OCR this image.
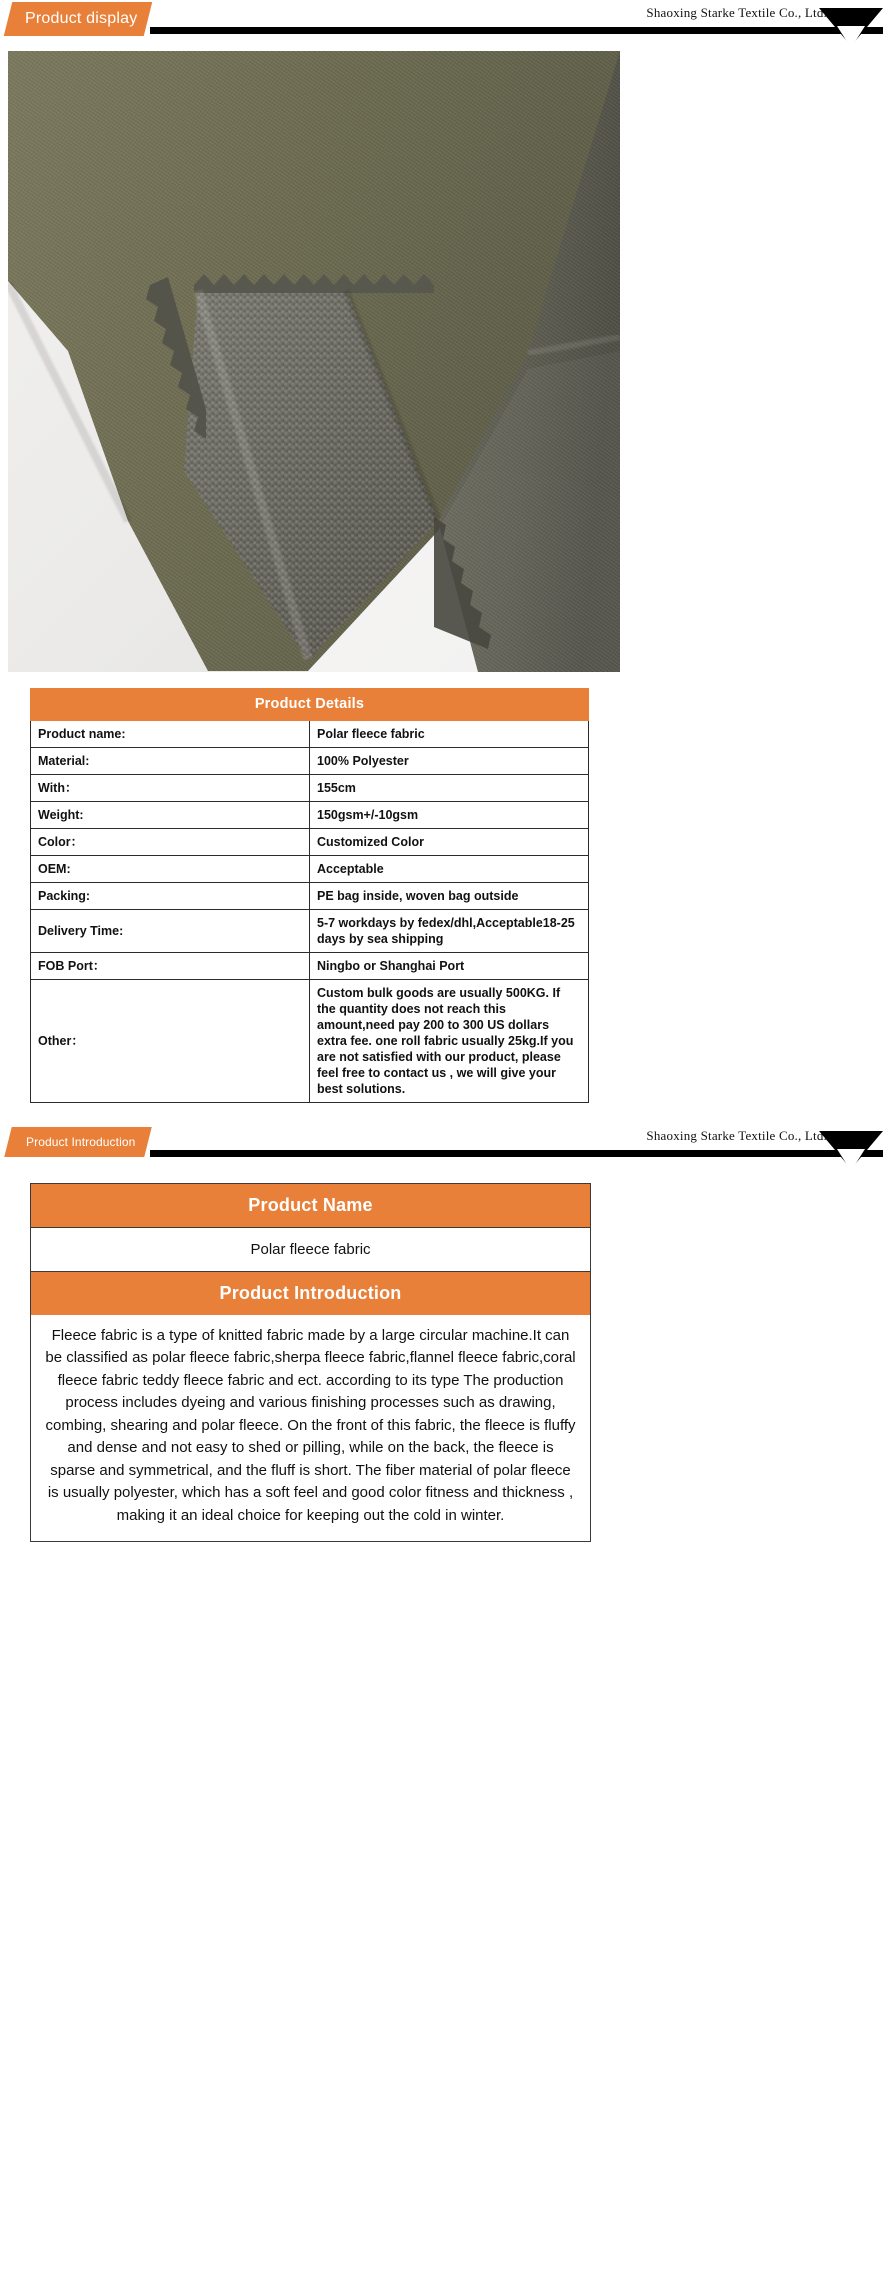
Product display	Shaoxing Starke Textile Co., Ltd.
Product Details	
Product name:	Polar fleece fabric
Material:	100% Polyester
With：	155cm
Weight:	150gsm+/-10gsm
Color：	Customized Color
OEM:	Acceptable
Packing:	PE bag inside, woven bag outside
Delivery Time:	5-7 workdays by fedex/dhl,Acceptable18-25 days by sea shipping
FOB Port：	Ningbo or Shanghai Port
Other：	Custom bulk goods are usually 500KG. If the quantity does not reach this amount,need pay 200 to 300 US dollars extra fee. one roll fabric usually 25kg.If you are not satisfied with our product, please feel free to contact us , we will give your best solutions.
Product Introduction	Shaoxing Starke Textile Co., Ltd.
Product Name
Polar fleece fabric
Product Introduction
Fleece fabric is a type of knitted fabric made by a large circular machine.It can be classified as polar fleece fabric,sherpa fleece fabric,flannel fleece fabric,coral fleece fabric teddy fleece fabric and ect. according to its type The production process includes dyeing and various finishing processes such as drawing, combing, shearing and polar fleece. On the front of this fabric, the fleece is fluffy and dense and not easy to shed or pilling, while on the back, the fleece is sparse and symmetrical, and the fluff is short. The fiber material of polar fleece is usually polyester, which has a soft feel and good color fitness and thickness , making it an ideal choice for keeping out the cold in winter.
